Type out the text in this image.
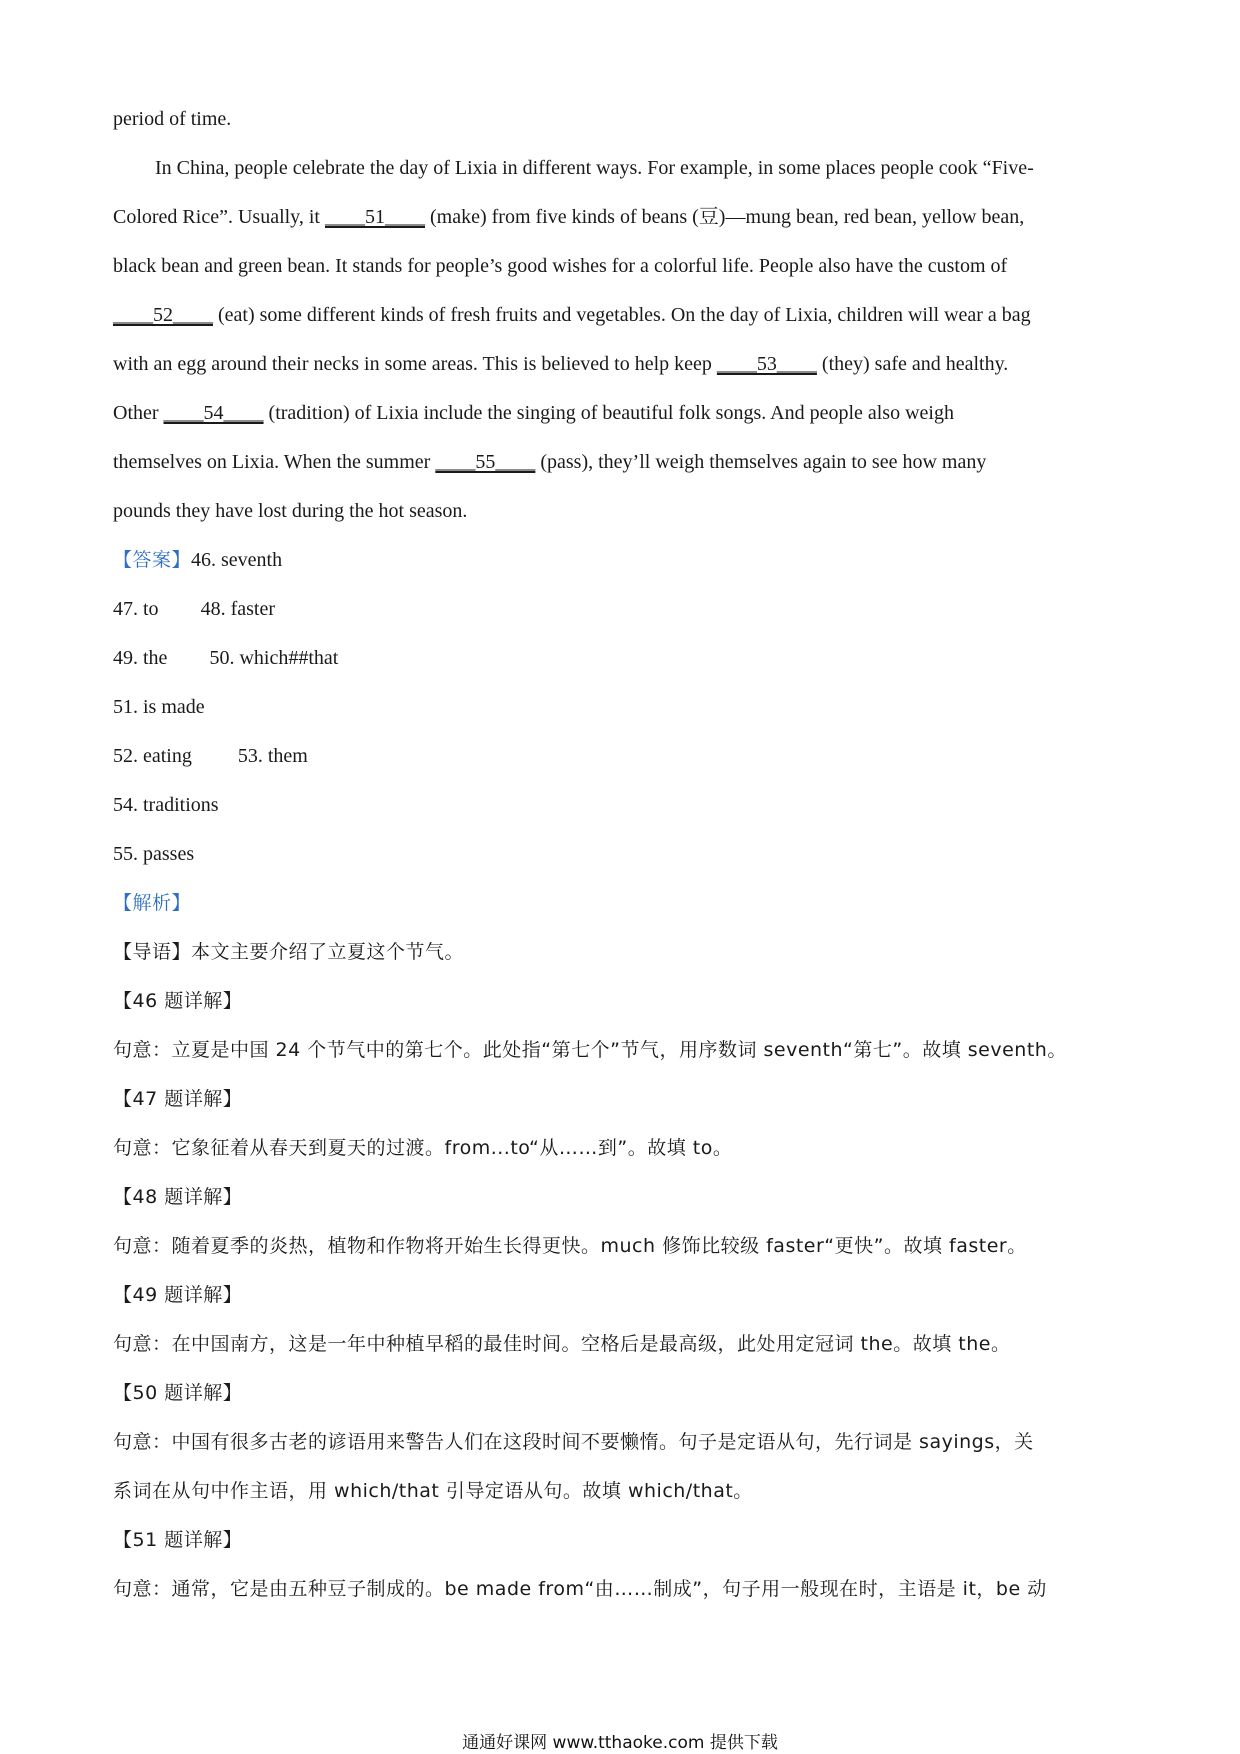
period of time.
In China, people celebrate the day of Lixia in different ways. For example, in some places people cook “Five-
Colored Rice”. Usually, it ____51____ (make) from five kinds of beans (豆)—mung bean, red bean, yellow bean,
black bean and green bean. It stands for people’s good wishes for a colorful life. People also have the custom of
____52____ (eat) some different kinds of fresh fruits and vegetables. On the day of Lixia, children will wear a bag
with an egg around their necks in some areas. This is believed to help keep ____53____ (they) safe and healthy.
Other ____54____ (tradition) of Lixia include the singing of beautiful folk songs. And people also weigh
themselves on Lixia. When the summer ____55____ (pass), they’ll weigh themselves again to see how many
pounds they have lost during the hot season.
【答案】46. seventh
47. to 48. faster
49. the 50. which##that
51. is made
52. eating 53. them
54. traditions
55. passes
【解析】
【导语】本文主要介绍了立夏这个节气。
【46 题详解】
句意：立夏是中国 24 个节气中的第七个。此处指“第七个”节气，用序数词 seventh“第七”。故填 seventh。
【47 题详解】
句意：它象征着从春天到夏天的过渡。from...to“从……到”。故填 to。
【48 题详解】
句意：随着夏季的炎热，植物和作物将开始生长得更快。much 修饰比较级 faster“更快”。故填 faster。
【49 题详解】
句意：在中国南方，这是一年中种植早稻的最佳时间。空格后是最高级，此处用定冠词 the。故填 the。
【50 题详解】
句意：中国有很多古老的谚语用来警告人们在这段时间不要懒惰。句子是定语从句，先行词是 sayings，关
系词在从句中作主语，用 which/that 引导定语从句。故填 which/that。
【51 题详解】
句意：通常，它是由五种豆子制成的。be made from“由……制成”，句子用一般现在时，主语是 it，be 动
通通好课网 www.tthaoke.com 提供下载
